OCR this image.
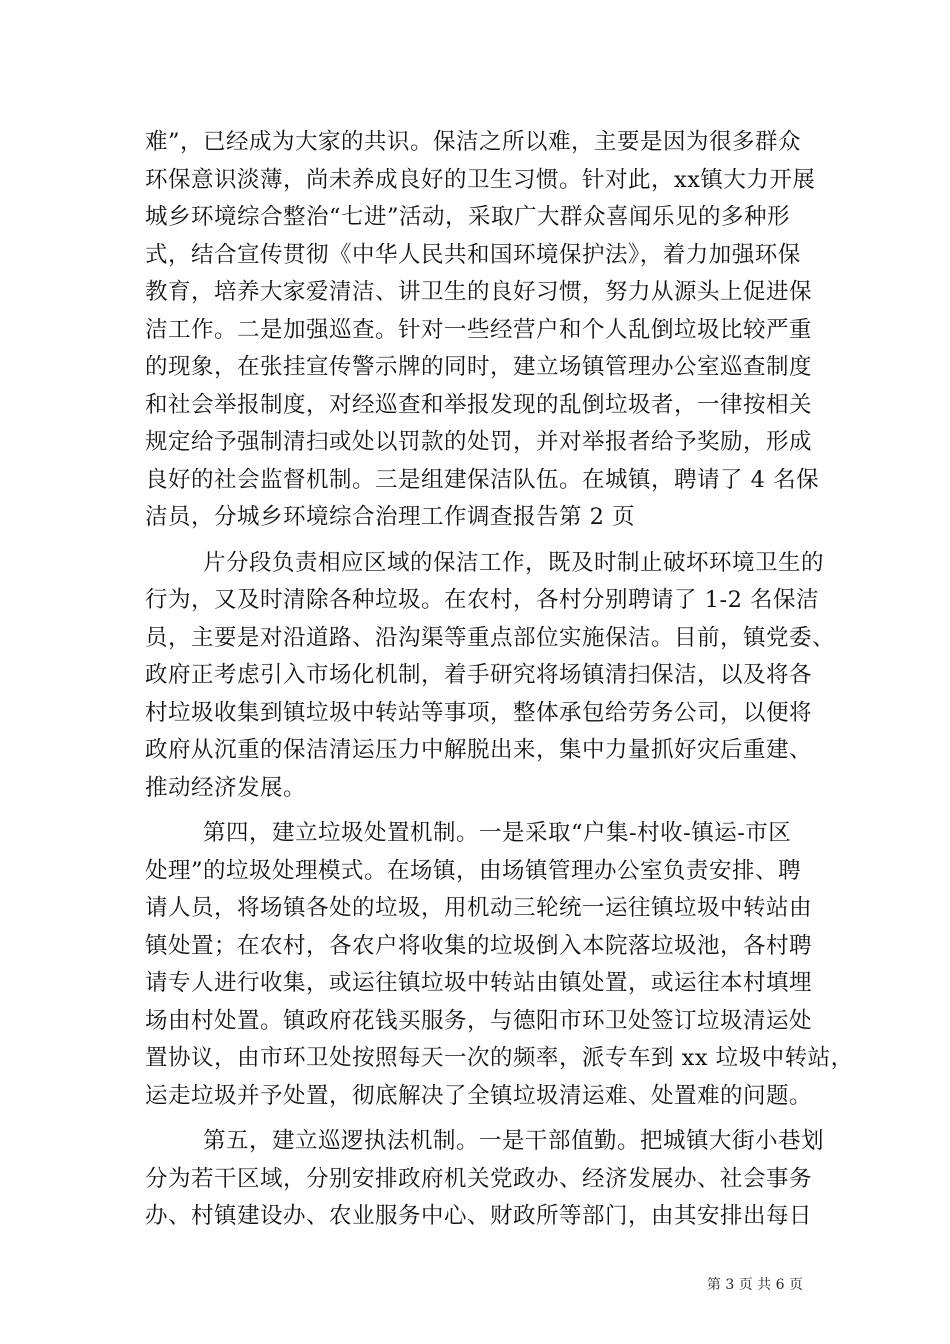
难”，已经成为大家的共识。保洁之所以难，主要是因为很多群众
环保意识淡薄，尚未养成良好的卫生习惯。针对此，xx镇大力开展
城乡环境综合整治“七进”活动，采取广大群众喜闻乐见的多种形
式，结合宣传贯彻《中华人民共和国环境保护法》，着力加强环保
教育，培养大家爱清洁、讲卫生的良好习惯，努力从源头上促进保
洁工作。二是加强巡查。针对一些经营户和个人乱倒垃圾比较严重
的现象，在张挂宣传警示牌的同时，建立场镇管理办公室巡查制度
和社会举报制度，对经巡查和举报发现的乱倒垃圾者，一律按相关
规定给予强制清扫或处以罚款的处罚，并对举报者给予奖励，形成
良好的社会监督机制。三是组建保洁队伍。在城镇，聘请了 4 名保
洁员，分城乡环境综合治理工作调查报告第 2 页
片分段负责相应区域的保洁工作，既及时制止破坏环境卫生的
行为，又及时清除各种垃圾。在农村，各村分别聘请了 1-2 名保洁
员，主要是对沿道路、沿沟渠等重点部位实施保洁。目前，镇党委、
政府正考虑引入市场化机制，着手研究将场镇清扫保洁，以及将各
村垃圾收集到镇垃圾中转站等事项，整体承包给劳务公司，以便将
政府从沉重的保洁清运压力中解脱出来，集中力量抓好灾后重建、
推动经济发展。
第四，建立垃圾处置机制。一是采取“户集-村收-镇运-市区
处理”的垃圾处理模式。在场镇，由场镇管理办公室负责安排、聘
请人员，将场镇各处的垃圾，用机动三轮统一运往镇垃圾中转站由
镇处置；在农村，各农户将收集的垃圾倒入本院落垃圾池，各村聘
请专人进行收集，或运往镇垃圾中转站由镇处置，或运往本村填埋
场由村处置。镇政府花钱买服务，与德阳市环卫处签订垃圾清运处
置协议，由市环卫处按照每天一次的频率，派专车到 xx 垃圾中转站，
运走垃圾并予处置，彻底解决了全镇垃圾清运难、处置难的问题。
第五，建立巡逻执法机制。一是干部值勤。把城镇大街小巷划
分为若干区域，分别安排政府机关党政办、经济发展办、社会事务
办、村镇建设办、农业服务中心、财政所等部门，由其安排出每日
第 3 页 共 6 页
